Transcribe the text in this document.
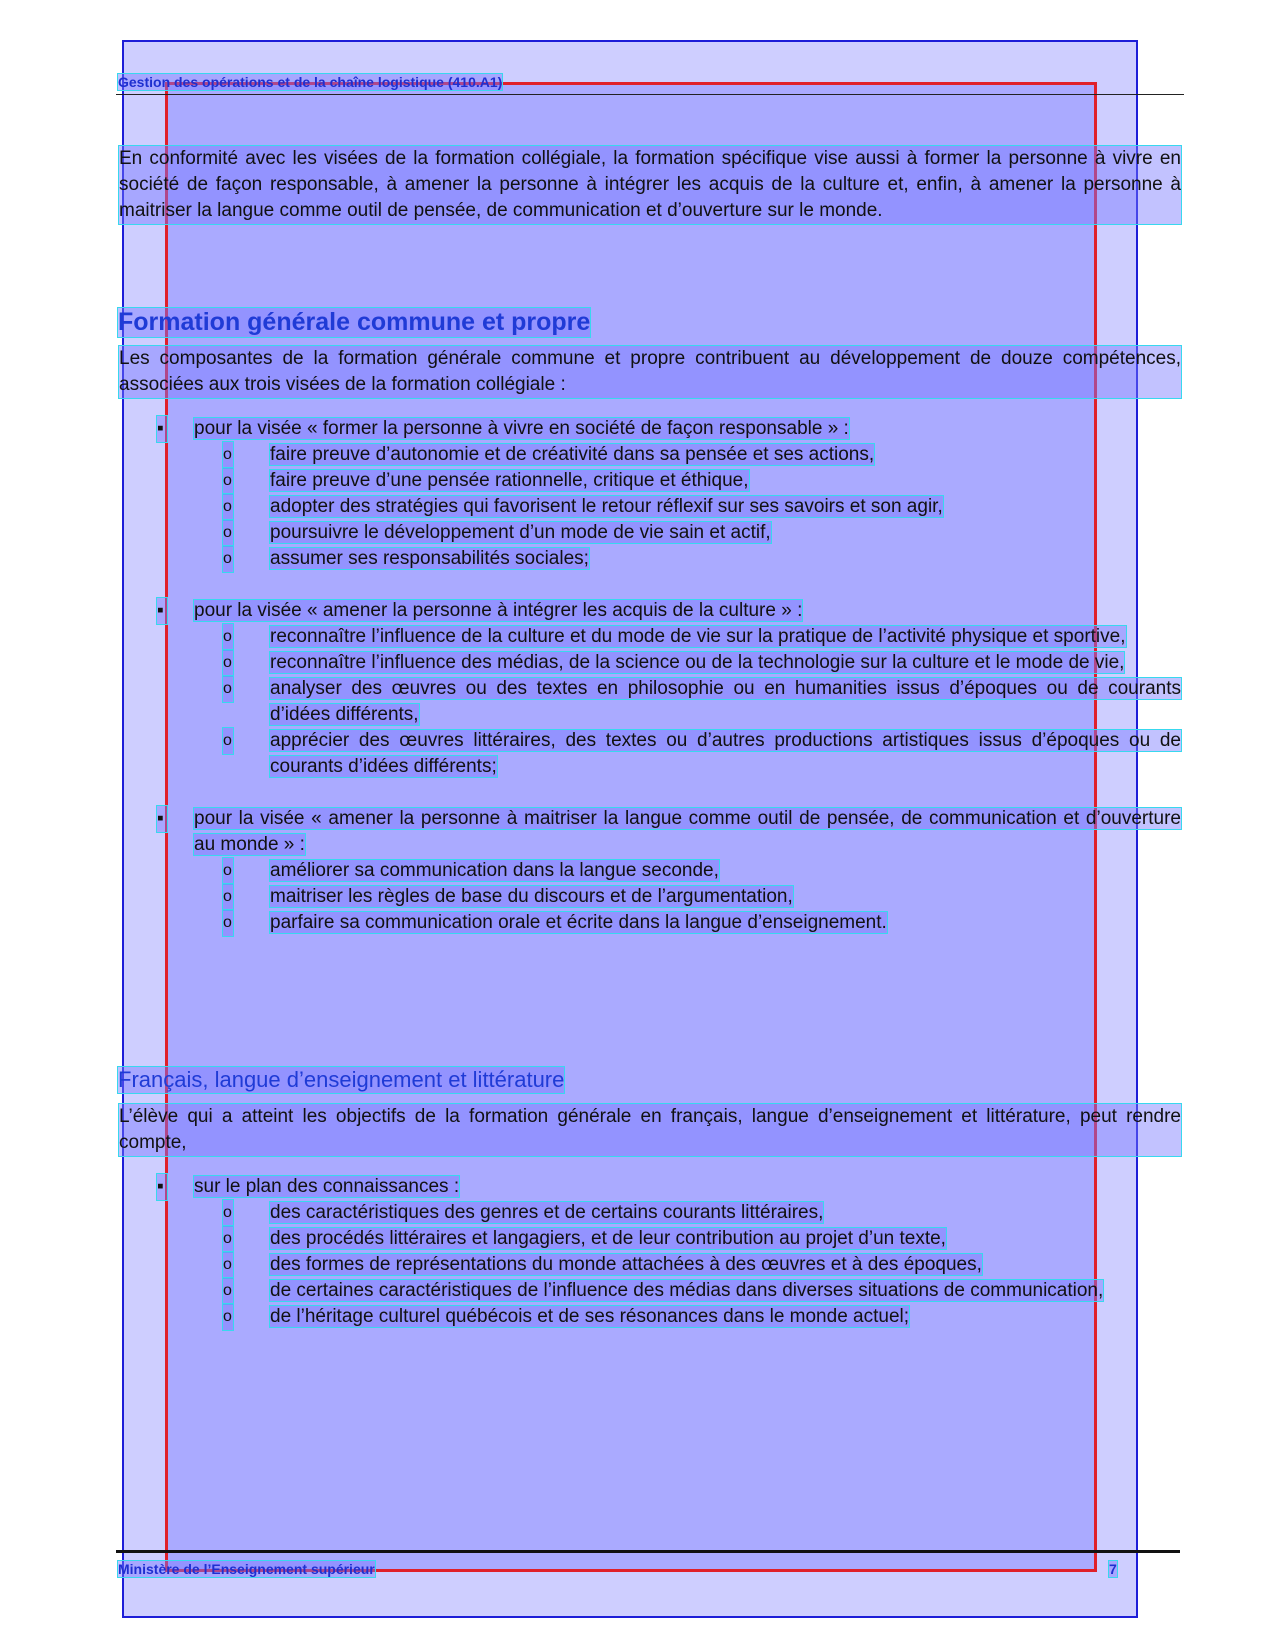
Gestion des opérations et de la chaîne logistique (410.A1)
En conformité avec les visées de la formation collégiale, la formation spécifique vise aussi à former la personne à vivre en société de façon responsable, à amener la personne à intégrer les acquis de la culture et, enfin, à amener la personne à maitriser la langue comme outil de pensée, de communication et d’ouverture sur le monde.
Formation générale commune et propre
Les composantes de la formation générale commune et propre contribuent au développement de douze compétences, associées aux trois visées de la formation collégiale :
▪
pour la visée « former la personne à vivre en société de façon responsable » :
o
faire preuve d’autonomie et de créativité dans sa pensée et ses actions,
o
faire preuve d’une pensée rationnelle, critique et éthique,
o
adopter des stratégies qui favorisent le retour réflexif sur ses savoirs et son agir,
o
poursuivre le développement d’un mode de vie sain et actif,
o
assumer ses responsabilités sociales;
▪
pour la visée « amener la personne à intégrer les acquis de la culture » :
o
reconnaître l’influence de la culture et du mode de vie sur la pratique de l’activité physique et sportive,
o
reconnaître l’influence des médias, de la science ou de la technologie sur la culture et le mode de vie,
o
analyser des œuvres ou des textes en philosophie ou en humanities issus d’époques ou de courants d’idées différents,
o
apprécier des œuvres littéraires, des textes ou d’autres productions artistiques issus d’époques ou de courants d’idées différents;
▪
pour la visée « amener la personne à maitriser la langue comme outil de pensée, de communication et d’ouverture au monde » :
o
améliorer sa communication dans la langue seconde,
o
maitriser les règles de base du discours et de l’argumentation,
o
parfaire sa communication orale et écrite dans la langue d’enseignement.
Français, langue d’enseignement et littérature
L’élève qui a atteint les objectifs de la formation générale en français, langue d’enseignement et littérature, peut rendre compte,
▪
sur le plan des connaissances :
o
des caractéristiques des genres et de certains courants littéraires,
o
des procédés littéraires et langagiers, et de leur contribution au projet d’un texte,
o
des formes de représentations du monde attachées à des œuvres et à des époques,
o
de certaines caractéristiques de l’influence des médias dans diverses situations de communication,
o
de l’héritage culturel québécois et de ses résonances dans le monde actuel;
Ministère de l’Enseignement supérieur	7
